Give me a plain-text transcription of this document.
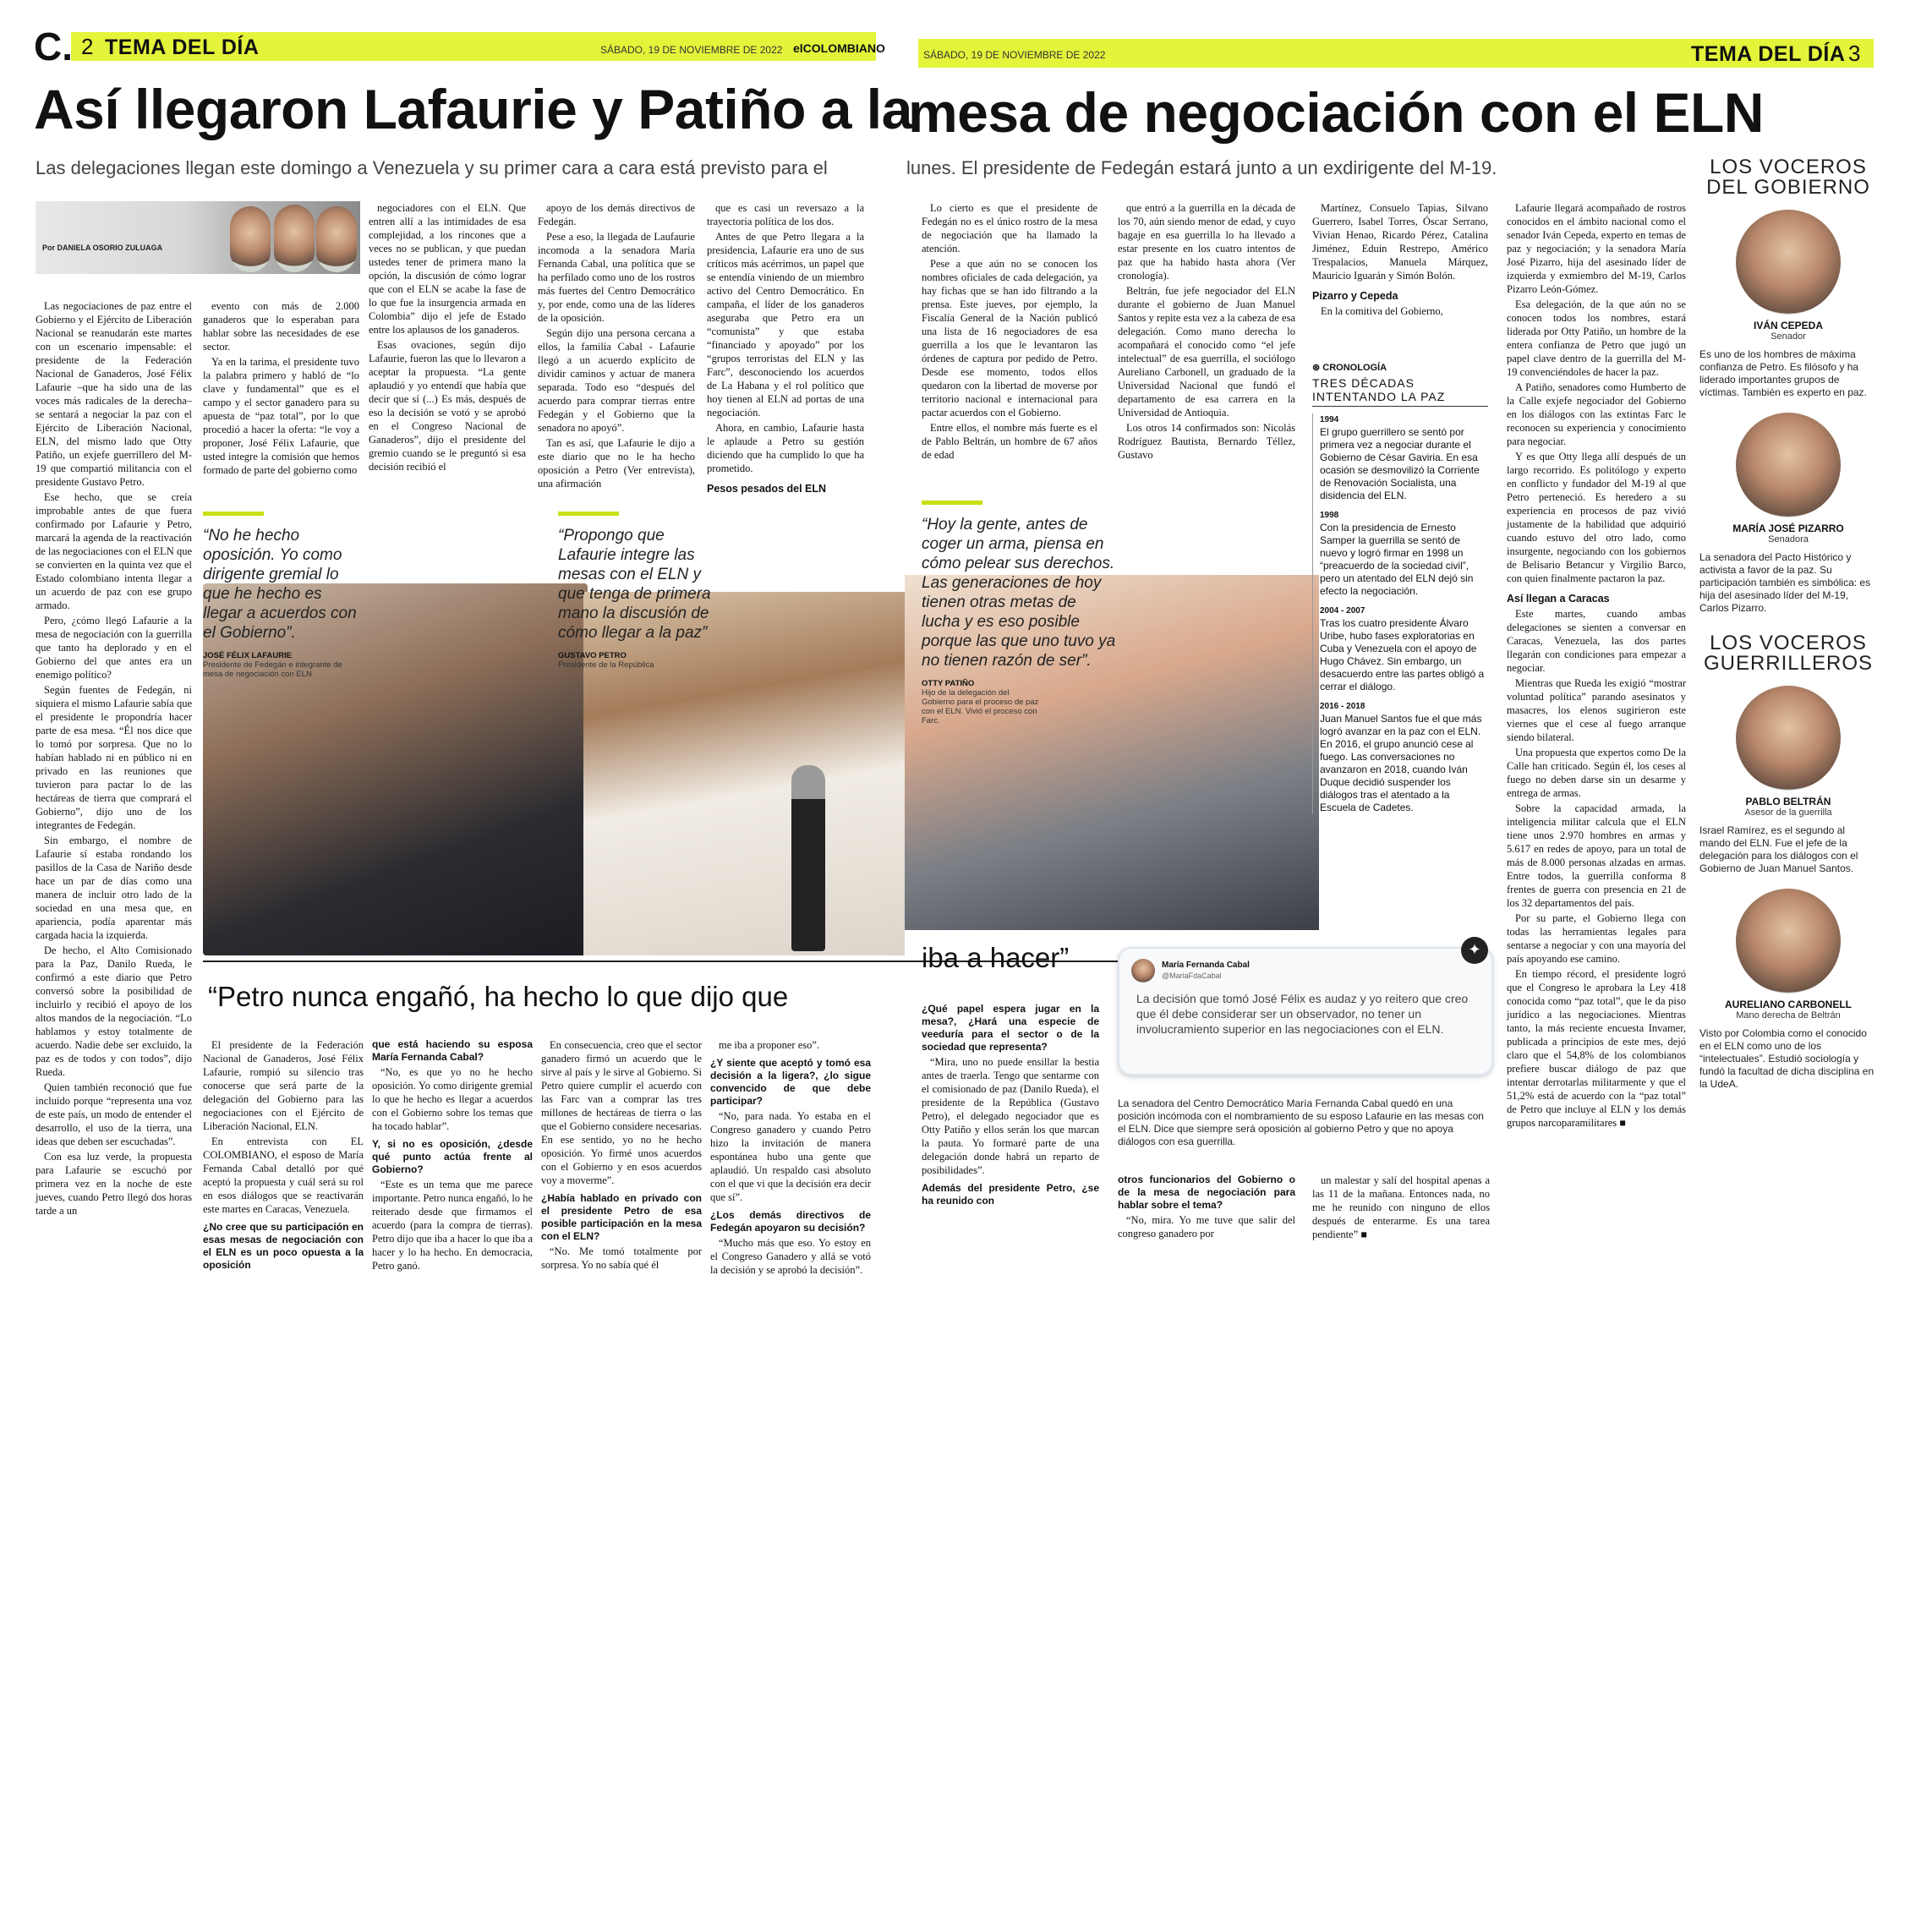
C. 2 TEMA DEL DÍA	SÁBADO, 19 DE NOVIEMBRE DE 2022 elCOLOMBIANO	SÁBADO, 19 DE NOVIEMBRE DE 2022	TEMA DEL DÍA 3
Así llegaron Lafaurie y Patiño a la
mesa de negociación con el ELN
Las delegaciones llegan este domingo a Venezuela y su primer cara a cara está previsto para el	lunes. El presidente de Fedegán estará junto a un exdirigente del M-19.
Por DANIELA OSORIO ZULUAGA

Las negociaciones de paz entre el Gobierno y el Ejército de Liberación Nacional se reanudarán este martes con un escenario impensable: el presidente de la Federación Nacional de Ganaderos, José Félix Lafaurie –que ha sido una de las voces más radicales de la derecha– se sentará a negociar la paz con el Ejército de Liberación Nacional, ELN, del mismo lado que Otty Patiño, un exjefe guerrillero del M-19 que compartió militancia con el presidente Gustavo Petro.

Ese hecho, que se creía improbable antes de que fuera confirmado por Lafaurie y Petro, marcará la agenda de la reactivación de las negociaciones con el ELN que se convierten en la quinta vez que el Estado colombiano intenta llegar a un acuerdo de paz con ese grupo armado.

Pero, ¿cómo llegó Lafaurie a la mesa de negociación con la guerrilla que tanto ha deplorado y en el Gobierno del que antes era un enemigo político?

Según fuentes de Fedegán, ni siquiera el mismo Lafaurie sabía que el presidente le propondría hacer parte de esa mesa. “Él nos dice que lo tomó por sorpresa. Que no lo habían hablado ni en público ni en privado en las reuniones que tuvieron para pactar lo de las hectáreas de tierra que comprará el Gobierno”, dijo uno de los integrantes de Fedegán.

Sin embargo, el nombre de Lafaurie sí estaba rondando los pasillos de la Casa de Nariño desde hace un par de días como una manera de incluir otro lado de la sociedad en una mesa que, en apariencia, podía aparentar más cargada hacia la izquierda.

De hecho, el Alto Comisionado para la Paz, Danilo Rueda, le confirmó a este diario que Petro conversó sobre la posibilidad de incluirlo y recibió el apoyo de los altos mandos de la negociación. “Lo hablamos y estoy totalmente de acuerdo. Nadie debe ser excluido, la paz es de todos y con todos”, dijo Rueda.

Quien también reconoció que fue incluido porque “representa una voz de este país, un modo de entender el desarrollo, el uso de la tierra, una ideas que deben ser escuchadas”.

Con esa luz verde, la propuesta para Lafaurie se escuchó por primera vez en la noche de este jueves, cuando Petro llegó dos horas tarde a un

evento con más de 2.000 ganaderos que lo esperaban para hablar sobre las necesidades de ese sector.

Ya en la tarima, el presidente tuvo la palabra primero y habló de “lo clave y fundamental” que es el campo y el sector ganadero para su apuesta de “paz total”, por lo que procedió a hacer la oferta: “le voy a proponer, José Félix Lafaurie, que usted integre la comisión que hemos formado de parte del gobierno como

negociadores con el ELN. Que entren allí a las intimidades de esa complejidad, a los rincones que a veces no se publican, y que puedan ustedes tener de primera mano la opción, la discusión de cómo lograr que con el ELN se acabe la fase de lo que fue la insurgencia armada en Colombia” dijo el jefe de Estado entre los aplausos de los ganaderos.

Esas ovaciones, según dijo Lafaurie, fueron las que lo llevaron a aceptar la propuesta. “La gente aplaudió y yo entendí que había que decir que sí (...) Es más, después de eso la decisión se votó y se aprobó en el Congreso Nacional de Ganaderos”, dijo el presidente del gremio cuando se le preguntó si esa decisión recibió el

apoyo de los demás directivos de Fedegán.

Pese a eso, la llegada de Laufaurie incomoda a la senadora María Fernanda Cabal, una política que se ha perfilado como uno de los rostros más fuertes del Centro Democrático y, por ende, como una de las líderes de la oposición.

Según dijo una persona cercana a ellos, la familia Cabal - Lafaurie llegó a un acuerdo explícito de dividir caminos y actuar de manera separada. Todo eso “después del acuerdo para comprar tierras entre Fedegán y el Gobierno que la senadora no apoyó”.

Tan es así, que Lafaurie le dijo a este diario que no le ha hecho oposición a Petro (Ver entrevista), una afirmación

que es casi un reversazo a la trayectoria política de los dos.

Antes de que Petro llegara a la presidencia, Lafaurie era uno de sus críticos más acérrimos, un papel que se entendía viniendo de un miembro activo del Centro Democrático. En campaña, el líder de los ganaderos aseguraba que Petro era un “comunista” y que estaba “financiado y apoyado” por los “grupos terroristas del ELN y las Farc”, desconociendo los acuerdos de La Habana y el rol político que hoy tienen al ELN ad portas de una negociación.

Ahora, en cambio, Lafaurie hasta le aplaude a Petro su gestión diciendo que ha cumplido lo que ha prometido.

Pesos pesados del ELN
“No he hecho oposición. Yo como dirigente gremial lo que he hecho es llegar a acuerdos con el Gobierno”.
JOSÉ FÉLIX LAFAURIE
Presidente de Fedegán e integrante de mesa de negociación con ELN
“Propongo que Lafaurie integre las mesas con el ELN y que tenga de primera mano la discusión de cómo llegar a la paz”
GUSTAVO PETRO
Presidente de la República
“Hoy la gente, antes de coger un arma, piensa en cómo pelear sus derechos. Las generaciones de hoy tienen otras metas de lucha y es eso posible porque las que uno tuvo ya no tienen razón de ser”.
OTTY PATIÑO
Hijo de la delegación del Gobierno para el proceso de paz con el ELN. Vivió el proceso con Farc.

Lo cierto es que el presidente de Fedegán no es el único rostro de la mesa de negociación que ha llamado la atención.

Pese a que aún no se conocen los nombres oficiales de cada delegación, ya hay fichas que se han ido filtrando a la prensa. Este jueves, por ejemplo, la Fiscalía General de la Nación publicó una lista de 16 negociadores de esa guerrilla a los que le levantaron las órdenes de captura por pedido de Petro. Desde ese momento, todos ellos quedaron con la libertad de moverse por territorio nacional e internacional para pactar acuerdos con el Gobierno.

Entre ellos, el nombre más fuerte es el de Pablo Beltrán, un hombre de 67 años de edad

que entró a la guerrilla en la década de los 70, aún siendo menor de edad, y cuyo bagaje en esa guerrilla lo ha llevado a estar presente en los cuatro intentos de paz que ha habido hasta ahora (Ver cronología).

Beltrán, fue jefe negociador del ELN durante el gobierno de Juan Manuel Santos y repite esta vez a la cabeza de esa delegación. Como mano derecha lo acompañará el conocido como “el jefe intelectual” de esa guerrilla, el sociólogo Aureliano Carbonell, un graduado de la Universidad Nacional que fundó el departamento de esa carrera en la Universidad de Antioquia.

Los otros 14 confirmados son: Nicolás Rodríguez Bautista, Bernardo Téllez, Gustavo

Martínez, Consuelo Tapias, Silvano Guerrero, Isabel Torres, Óscar Serrano, Vivian Henao, Ricardo Pérez, Catalina Jiménez, Eduin Restrepo, Américo Trespalacios, Manuela Márquez, Mauricio Iguarán y Simón Bolón.

Pizarro y Cepeda

En la comitiva del Gobierno,

⊛ CRONOLOGÍA
TRES DÉCADAS INTENTANDO LA PAZ
1994
El grupo guerrillero se sentó por primera vez a negociar durante el Gobierno de César Gaviria. En esa ocasión se desmovilizó la Corriente de Renovación Socialista, una disidencia del ELN.
1998
Con la presidencia de Ernesto Samper la guerrilla se sentó de nuevo y logró firmar en 1998 un “preacuerdo de la sociedad civil”, pero un atentado del ELN dejó sin efecto la negociación.
2004 - 2007
Tras los cuatro presidente Álvaro Uribe, hubo fases exploratorias en Cuba y Venezuela con el apoyo de Hugo Chávez. Sin embargo, un desacuerdo entre las partes obligó a cerrar el diálogo.
2016 - 2018
Juan Manuel Santos fue el que más logró avanzar en la paz con el ELN. En 2016, el grupo anunció cese al fuego. Las conversaciones no avanzaron en 2018, cuando Iván Duque decidió suspender los diálogos tras el atentado a la Escuela de Cadetes.

Lafaurie llegará acompañado de rostros conocidos en el ámbito nacional como el senador Iván Cepeda, experto en temas de paz y negociación; y la senadora María José Pizarro, hija del asesinado líder de izquierda y exmiembro del M-19, Carlos Pizarro León-Gómez.

Esa delegación, de la que aún no se conocen todos los nombres, estará liderada por Otty Patiño, un hombre de la entera confianza de Petro que jugó un papel clave dentro de la guerrilla del M-19 convenciéndoles de hacer la paz.

A Patiño, senadores como Humberto de la Calle exjefe negociador del Gobierno en los diálogos con las extintas Farc le reconocen su experiencia y conocimiento para negociar.

Y es que Otty llega allí después de un largo recorrido. Es politólogo y experto en conflicto y fundador del M-19 al que Petro perteneció. Es heredero a su experiencia en procesos de paz vivió justamente de la habilidad que adquirió cuando estuvo del otro lado, como insurgente, negociando con los gobiernos de Belisario Betancur y Virgilio Barco, con quien finalmente pactaron la paz.

Así llegan a Caracas

Este martes, cuando ambas delegaciones se sienten a conversar en Caracas, Venezuela, las dos partes llegarán con condiciones para empezar a negociar.

Mientras que Rueda les exigió “mostrar voluntad política” parando asesinatos y masacres, los elenos sugirieron este viernes que el cese al fuego arranque siendo bilateral.

Una propuesta que expertos como De la Calle han criticado. Según él, los ceses al fuego no deben darse sin un desarme y entrega de armas.

Sobre la capacidad armada, la inteligencia militar calcula que el ELN tiene unos 2.970 hombres en armas y 5.617 en redes de apoyo, para un total de más de 8.000 personas alzadas en armas. Entre todos, la guerrilla conforma 8 frentes de guerra con presencia en 21 de los 32 departamentos del país.

Por su parte, el Gobierno llega con todas las herramientas legales para sentarse a negociar y con una mayoría del país apoyando ese camino.

En tiempo récord, el presidente logró que el Congreso le aprobara la Ley 418 conocida como “paz total”, que le da piso jurídico a las negociaciones. Mientras tanto, la más reciente encuesta Invamer, publicada a principios de este mes, dejó claro que el 54,8% de los colombianos prefiere buscar diálogo de paz que intentar derrotarlas militarmente y que el 51,2% está de acuerdo con la “paz total” de Petro que incluye al ELN y los demás grupos narcoparamilitares ■

LOS VOCEROS
DEL GOBIERNO
IVÁN CEPEDA
Senador
Es uno de los hombres de máxima confianza de Petro. Es filósofo y ha liderado importantes grupos de víctimas. También es experto en paz.
MARÍA JOSÉ PIZARRO
Senadora
La senadora del Pacto Histórico y activista a favor de la paz. Su participación también es simbólica: es hija del asesinado líder del M-19, Carlos Pizarro.
LOS VOCEROS
GUERRILLEROS
PABLO BELTRÁN
Asesor de la guerrilla
Israel Ramírez, es el segundo al mando del ELN. Fue el jefe de la delegación para los diálogos con el Gobierno de Juan Manuel Santos.
AURELIANO CARBONELL
Mano derecha de Beltrán
Visto por Colombia como el conocido en el ELN como uno de los “intelectuales”. Estudió sociología y fundó la facultad de dicha disciplina en la UdeA.
“Petro nunca engañó, ha hecho lo que dijo que
iba a hacer”

El presidente de la Federación Nacional de Ganaderos, José Félix Lafaurie, rompió su silencio tras conocerse que será parte de la delegación del Gobierno para las negociaciones con el Ejército de Liberación Nacional, ELN.

En entrevista con EL COLOMBIANO, el esposo de María Fernanda Cabal detalló por qué aceptó la propuesta y cuál será su rol en esos diálogos que se reactivarán este martes en Caracas, Venezuela.

¿No cree que su participación en esas mesas de negociación con el ELN es un poco opuesta a la oposición
que está haciendo su esposa María Fernanda Cabal?

“No, es que yo no he hecho oposición. Yo como dirigente gremial lo que he hecho es llegar a acuerdos con el Gobierno sobre los temas que ha tocado hablar”.

Y, si no es oposición, ¿desde qué punto actúa frente al Gobierno?

“Este es un tema que me parece importante. Petro nunca engañó, lo he reiterado desde que firmamos el acuerdo (para la compra de tierras). Petro dijo que iba a hacer lo que iba a hacer y lo ha hecho. En democracia, Petro ganó.

En consecuencia, creo que el sector ganadero firmó un acuerdo que le sirve al país y le sirve al Gobierno. Si Petro quiere cumplir el acuerdo con las Farc van a comprar las tres millones de hectáreas de tierra o las que el Gobierno considere necesarias. En ese sentido, yo no he hecho oposición. Yo firmé unos acuerdos con el Gobierno y en esos acuerdos voy a moverme”.

¿Había hablado en privado con el presidente Petro de esa posible participación en la mesa con el ELN?

“No. Me tomó totalmente por sorpresa. Yo no sabía qué él

me iba a proponer eso”.

¿Y siente que aceptó y tomó esa decisión a la ligera?, ¿lo sigue convencido de que debe participar?

“No, para nada. Yo estaba en el Congreso ganadero y cuando Petro hizo la invitación de manera espontánea hubo una gente que aplaudió. Un respaldo casi absoluto con el que vi que la decisión era decir que sí”.

¿Los demás directivos de Fedegán apoyaron su decisión?

“Mucho más que eso. Yo estoy en el Congreso Ganadero y allá se votó la decisión y se aprobó la decisión”.

¿Qué papel espera jugar en la mesa?, ¿Hará una especie de veeduría para el sector o de la sociedad que representa?

“Mira, uno no puede ensillar la bestia antes de traerla. Tengo que sentarme con el comisionado de paz (Danilo Rueda), el presidente de la República (Gustavo Petro), el delegado negociador que es Otty Patiño y ellos serán los que marcan la pauta. Yo formaré parte de una delegación donde habrá un reparto de posibilidades”.

Además del presidente Petro, ¿se ha reunido con
otros funcionarios del Gobierno o de la mesa de negociación para hablar sobre el tema?

“No, mira. Yo me tuve que salir del congreso ganadero por

un malestar y salí del hospital apenas a las 11 de la mañana. Entonces nada, no me he reunido con ninguno de ellos después de enterarme. Es una tarea pendiente” ■

María Fernanda Cabal
@MariaFdaCabal
La decisión que tomó José Félix es audaz y yo reitero que creo que él debe considerar ser un observador, no tener un involucramiento superior en las negociaciones con el ELN.
✦
La senadora del Centro Democrático María Fernanda Cabal quedó en una posición incómoda con el nombramiento de su esposo Lafaurie en las mesas con el ELN. Dice que siempre será oposición al gobierno Petro y que no apoya diálogos con esa guerrilla.
